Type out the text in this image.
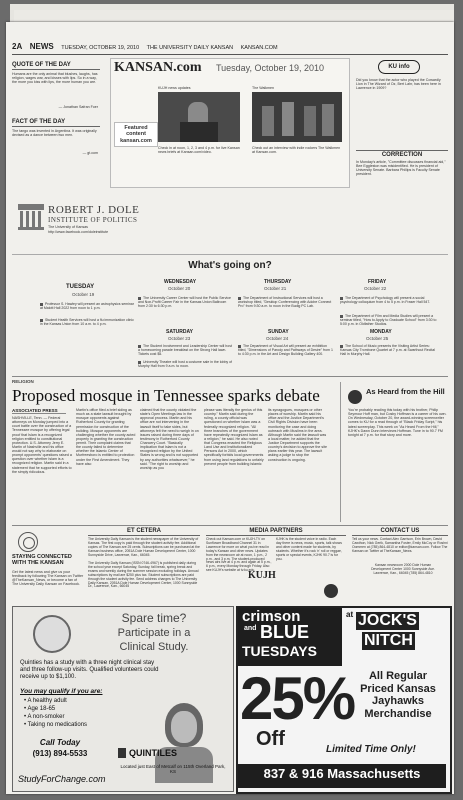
2A NEWS TUESDAY, OCTOBER 19, 2010 THE UNIVERSITY DAILY KANSAN KANSAN.COM
QUOTE OF THE DAY
Humans are the only animal that blushes, laughs, has religion, wages war, and kisses with lips. So in a way, the more you kiss with lips, the more human you are.
— Jonathan Safran Foer
FACT OF THE DAY
The tango was invented in Argentina. It was originally devised as a dance between two men.
— gt.com
KANSAN.com Tuesday, October 19, 2010
Featured content kansan.com
KUJH news updates
Check in at noon, 1, 2, 3 and 4 p.m. for live Kansan news briefs at Kansan.com/video.
The Walkmen
Check out an interview with indie rockers The Walkmen at Kansan.com.
KU info
Did you know that the actor who played the Cowardly Lion in The Wizard of Oz, Bert Lahr, has been here in Lawrence in 1909?
CORRECTION
In Monday's article, "Committee discusses financial aid," Bee Eggleston was misidentified. He is president of University Senate. Barbara Phillips is Faculty Senate president.
ROBERT J. DOLE
INSTITUTE OF POLITICS
The University of Kansas
http://www.facebook.com/doleinstitute
What's going on?
TUESDAY
October 19
Professor S. Hawley will present an astrophysics seminar at Malott Hall 2022 from noon to 1 p.m.
Student Health Services will host a flu immunization clinic in the Kansas Union from 10 a.m. to 4 p.m.
WEDNESDAY
October 20
The University Career Center will host the Public Service and Non-Profit Career Fair in the Kansas Union Ballroom from 2:30 to 6:30 p.m.
THURSDAY
October 21
The Department of Instructional Services will host a workshop titled, "Desktop Conferencing with Adobe Connect Pro" from 9:30 a.m. to noon in the Budig PC Lab.
FRIDAY
October 22
The Department of Psychology will present a social psychology colloquium from 4 to 5 p.m. in Fraser Hall 547.
The Department of Film and Media Studies will present a seminar titled, "How to Apply to Graduate School" from 3:30 to 5:00 p.m. in Oldfather Studios.
SATURDAY
October 23
The Student Involvement and Leadership Center will host a homecoming parade breakfast on the Strong Hall lawn. Tickets cost $5.
University Theatre will host a costume sale in the lobby of Murphy Hall from 9 a.m. to noon.
SUNDAY
October 24
The Department of Visual Art will present an exhibition titled, "Dimensions of Parody and Pathways of Desire" from 1 to 4:30 p.m. in the Art and Design Building Gallery 400.
MONDAY
October 25
The School of Music presents the Visiting Artist Series: Kansas City Trombone Quartet at 7 p.m. at Swarthout Recital Hall in Murphy Hall.
RELIGION
Proposed mosque in Tennessee sparks debate
ASSOCIATED PRESS
NASHVILLE, Tenn. — Federal attorneys on Monday jumped into a court battle over the construction of a Tennessee mosque by offering legal proof that Islam is a recognized religion entitled to constitutional protection. U.S. Attorney Jerry E. Martin of Nashville and his office would not say why to elaborate on prompt opponents' questions raised a question over whether Islam is a recognized religion. Martin said in a statement that he supported efforts to the simply ridiculous.
Martin's office filed a brief siding as much as a state lawsuit brought by mosque opponents against Rutherford County for granting permission for construction of the building. Mosque opponents are challenging whether the county acted properly in granting the construction permit. Their complaint claims that the county failed to determine whether the Islamic Center of Murfreesboro is entitled to protection under the First Amendment. They have also
claimed that the county violated the state's Open Meetings law in the approval process. Martin and his office are not intervening in the lawsuit itself to take sides, but attorneys felt the need to weigh in on issues raised during three days of testimony in Rutherford County Chancery Court. "Basically implication that Islam is not a recognized religion by the United States is wrong and is not supported by any authorities whatsoever," he said. "The right to worship and worship as you
please was literally the genius of this country." Martin said during the ruling, a county official was questioned on whether Islam was a federally recognized religion. "All three branches of the government have repeatedly recognized Islam as a religion," he said. He also noted that Congress enacted the Religious Land Use and Institutionalized Persons Act in 2000, which specifically forbids local governments from using land regulations to unfairly prevent people from building Islamic
its synagogues, mosques or other places of worship. Martin said his office and the Justice Department's Civil Rights Division have been monitoring the case and doing outreach with Muslims in the area. Although Martin said the lawsuit was a local matter, he added that the Justice Department supports the country's decision to approve the site plans earlier this year. The lawsuit asking a judge to stop the construction is ongoing.
As Heard from the Hill
You're probably reading this today with his brother, Philip Seymour Hoff man, but Cosby Hoffman is a career of his own. On Wednesday, October 20, the award-winning screenwriter comes to KU for a read through of "Black Friday Script," his latest screenplay. This week on "As Heard From the Hill," KJHK's Dawn Dunn interviews Hoffman. Tune in to 90.7 FM tonight at 7 p.m. for that story and more.
STAYING CONNECTED WITH THE KANSAN
Get the latest news and give us your feedback by following The Kansan on Twitter @TheKansan_News, or become a fan of The University Daily Kansan on Facebook.
ET CETERA
The University Daily Kansan is the student newspaper of the University of Kansas. The first copy is paid through the student activity fee. Additional copies of The Kansan are 25 cents. Subscriptions can be purchased at the Kansan business office, 2051A Dole Human Development Center, 1000 Sunnyside Drive, Lawrence, Kan., 66045.
The University Daily Kansan (ISSN 0746-4967) is published daily during the school year except Saturday, Sunday, fall break, spring break and exams and weekly during the summer session excluding holidays. Annual subscriptions by mail are $250 plus tax. Student subscriptions are paid through the student activity fee. Send address changes to The University Daily Kansan, 2051A Dole Human Development Center, 1000 Sunnyside Dr., Lawrence, Kan., 66045
MEDIA PARTNERS
Check out Kansan.com or KUJH-TV on Sunflower Broadband Channel 31 in Lawrence for more on what you've read in today's Kansan and other news. Updates from the newsroom air at noon, 1 p.m., 2 p.m., and 3 p.m. The student-produced news airs live at 4 p.m. and again at 5 p.m., 6 p.m., every Monday through Friday. Also see KUJH's website at tv.ku.edu.
KJHK is the student voice in radio. Each day there is news, music, sports, talk shows and other content made for students, by students. Whether it's rock 'n' roll or reggae, sports or special events, KJHK 90.7 is for you.
KUJH
CONTACT US
Tell us your news. Contact Alex Garrison, Erin Brown, David Cawthon, Nick Gerik, Samantha Foster, Emily McCoy or Roshni Oommen at (785) 864-4810 or editor@kansan.com. Follow The Kansan on Twitter at TheKansan_News.
Kansan newsroom 2000 Dole Human Development Center 1000 Sunnyside Ave. Lawrence, Kan., 66045 (785) 864-4810
Spare time?
Participate in a
Clinical Study.
Quinties has a study with a three night clinical stay and three follow-up visits. Qualified volunteers could receive up to $1,100.
You may qualify if you are:
• A healthy adult
• Age 18-65
• A non-smoker
• Taking no medications
Call Today
(913) 894-5533	QUINTILES
Located just East of Metcalf on 115th Overland Park, KS
StudyForChange.com
crimson
and BLUE
TUESDAYS
at JOCK'S
NITCH
25%
Off
All Regular Priced Kansas Jayhawks Merchandise
Limited Time Only!
837 & 916 Massachusetts
